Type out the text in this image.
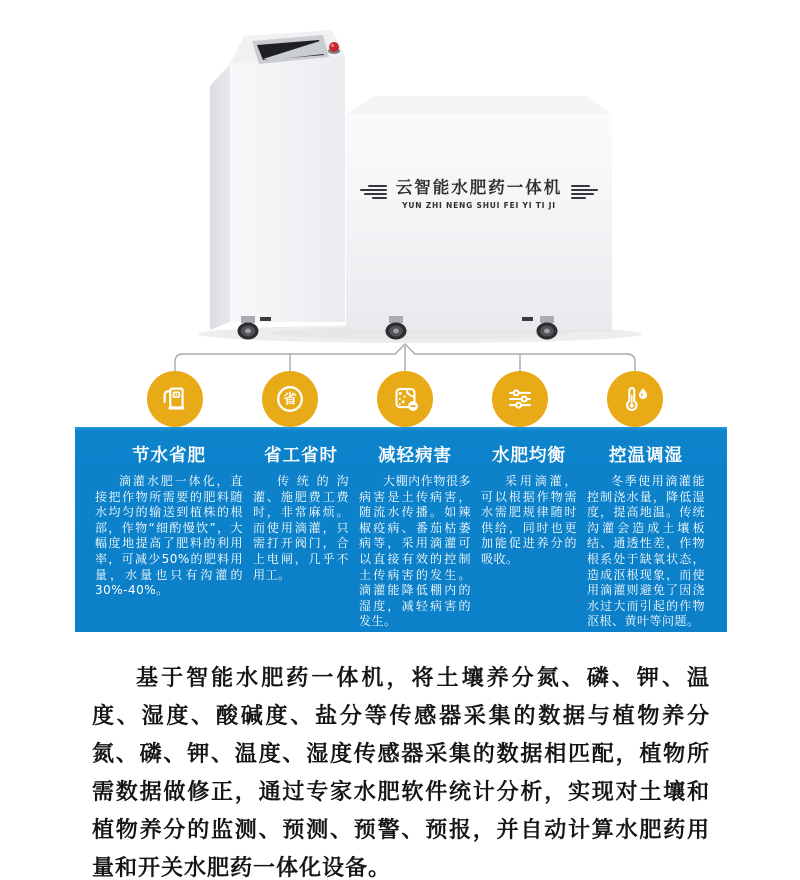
云智能水肥药一体机
YUN ZHI NENG SHUI FEI YI TI JI
省
节水省肥

滴灌水肥一体化，直接把作物所需要的肥料随水均匀的输送到植株的根部，作物“细酌慢饮”，大幅度地提高了肥料的利用率，可减少50%的肥料用量，水量也只有沟灌的30%-40%。

省工省时

传统的沟灌、施肥费工费时，非常麻烦。而使用滴灌，只需打开阀门，合上电闸，几乎不用工。

减轻病害

大棚内作物很多病害是土传病害，随流水传播。如辣椒疫病、番茄枯萎病等，采用滴灌可以直接有效的控制土传病害的发生。滴灌能降低棚内的湿度，减轻病害的发生。

水肥均衡

采用滴灌，可以根据作物需水需肥规律随时供给，同时也更加能促进养分的吸收。

控温调湿

冬季使用滴灌能控制浇水量，降低湿度，提高地温。传统沟灌会造成土壤板结、通透性差，作物根系处于缺氧状态，造成沤根现象，而使用滴灌则避免了因浇水过大而引起的作物沤根、黄叶等问题。

基于智能水肥药一体机，将土壤养分氮、磷、钾、温度、湿度、酸碱度、盐分等传感器采集的数据与植物养分氮、磷、钾、温度、湿度传感器采集的数据相匹配，植物所需数据做修正，通过专家水肥软件统计分析，实现对土壤和植物养分的监测、预测、预警、预报，并自动计算水肥药用量和开关水肥药一体化设备。
